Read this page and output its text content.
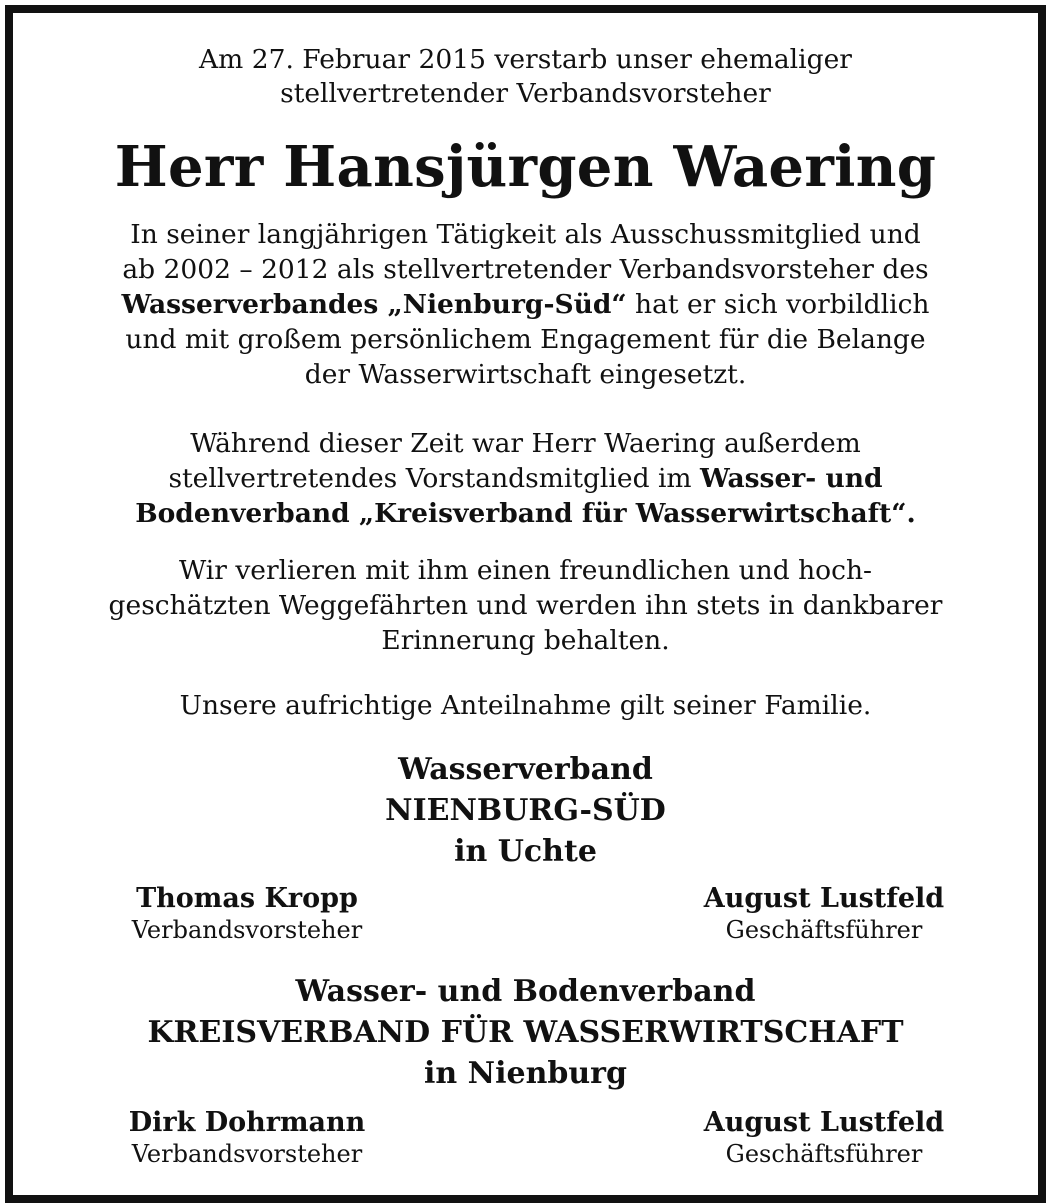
Am 27. Februar 2015 verstarb unser ehemaliger
stellvertretender Verbandsvorsteher
Herr Hansjürgen Waering
In seiner langjährigen Tätigkeit als Ausschussmitglied und
ab 2002 – 2012 als stellvertretender Verbandsvorsteher des
Wasserverbandes „Nienburg-Süd“ hat er sich vorbildlich
und mit großem persönlichem Engagement für die Belange
der Wasserwirtschaft eingesetzt.
Während dieser Zeit war Herr Waering außerdem
stellvertretendes Vorstandsmitglied im Wasser- und
Bodenverband „Kreisverband für Wasserwirtschaft“.
Wir verlieren mit ihm einen freundlichen und hoch-
geschätzten Weggefährten und werden ihn stets in dankbarer
Erinnerung behalten.
Unsere aufrichtige Anteilnahme gilt seiner Familie.
Wasserverband
NIENBURG-SÜD
in Uchte
Thomas Kropp
Verbandsvorsteher
August Lustfeld
Geschäftsführer
Wasser- und Bodenverband
KREISVERBAND FÜR WASSERWIRTSCHAFT
in Nienburg
Dirk Dohrmann
Verbandsvorsteher
August Lustfeld
Geschäftsführer
